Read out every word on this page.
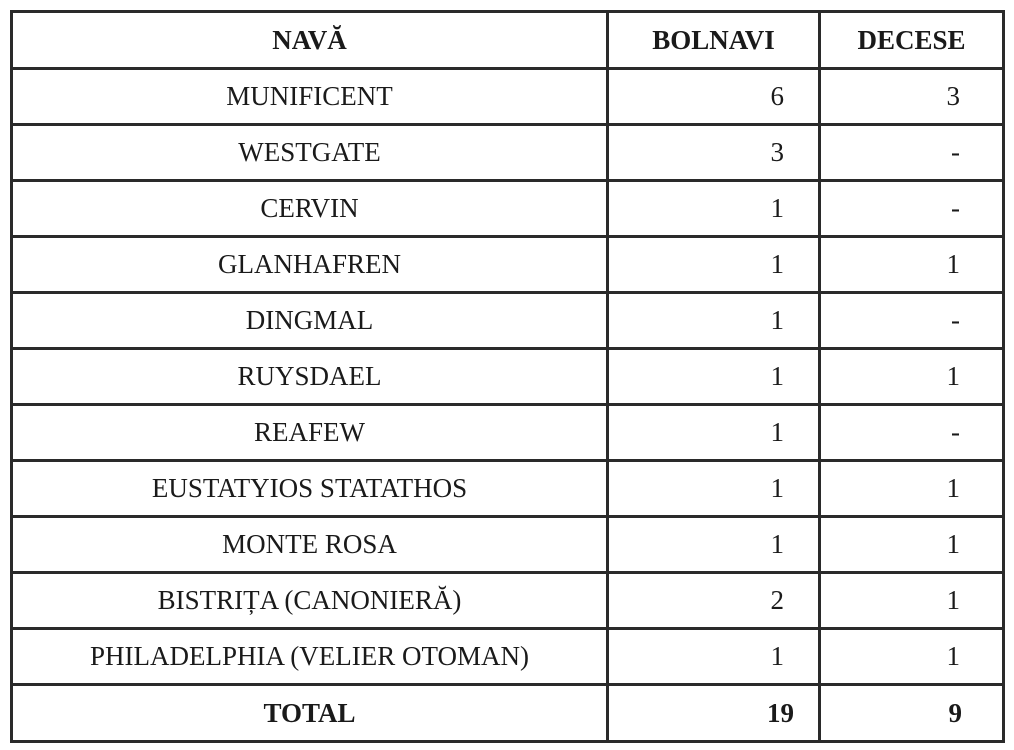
NAVĂ	BOLNAVI	DECESE
MUNIFICENT	6	3
WESTGATE	3	-
CERVIN	1	-
GLANHAFREN	1	1
DINGMAL	1	-
RUYSDAEL	1	1
REAFEW	1	-
EUSTATYIOS STATATHOS	1	1
MONTE ROSA	1	1
BISTRIȚA (CANONIERĂ)	2	1
PHILADELPHIA (VELIER OTOMAN)	1	1
TOTAL	19	9
